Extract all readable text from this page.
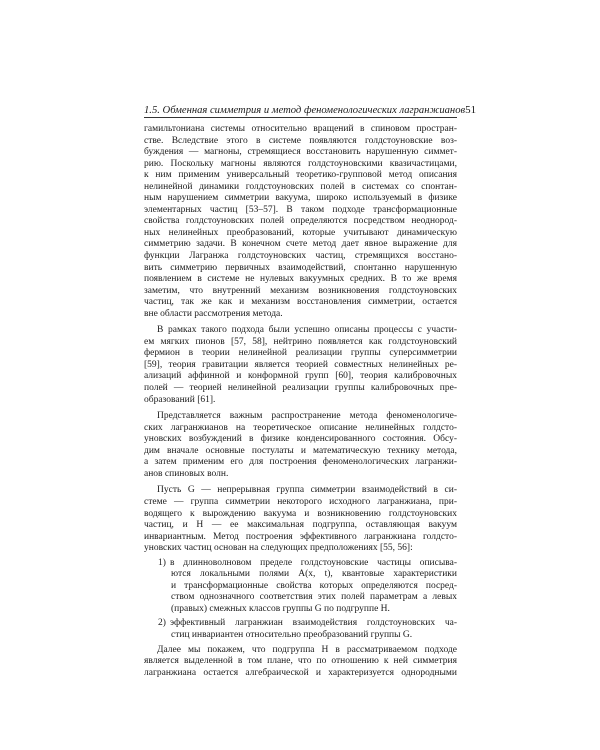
1.5. Обменная симметрия и метод феноменологических лагранжианов 51
гамильтониана системы относительно вращений в спиновом простран-
стве. Вследствие этого в системе появляются голдстоуновские воз-
буждения — магноны, стремящиеся восстановить нарушенную симмет-
рию. Поскольку магноны являются голдстоуновскими квазичастицами,
к ним применим универсальный теоретико-групповой метод описания
нелинейной динамики голдстоуновских полей в системах со спонтан-
ным нарушением симметрии вакуума, широко используемый в физике
элементарных частиц [53–57]. В таком подходе трансформационные
свойства голдстоуновских полей определяются посредством неоднород-
ных нелинейных преобразований, которые учитывают динамическую
симметрию задачи. В конечном счете метод дает явное выражение для
функции Лагранжа голдстоуновских частиц, стремящихся восстано-
вить симметрию первичных взаимодействий, спонтанно нарушенную
появлением в системе не нулевых вакуумных средних. В то же время
заметим, что внутренний механизм возникновения голдстоуновских
частиц, так же как и механизм восстановления симметрии, остается
вне области рассмотрения метода.
В рамках такого подхода были успешно описаны процессы с участи-
ем мягких пионов [57, 58], нейтрино появляется как голдстоуновский
фермион в теории нелинейной реализации группы суперсимметрии
[59], теория гравитации является теорией совместных нелинейных ре-
ализаций аффинной и конформной групп [60], теория калибровочных
полей — теорией нелинейной реализации группы калибровочных пре-
образований [61].
Представляется важным распространение метода феноменологиче-
ских лагранжианов на теоретическое описание нелинейных голдсто-
уновских возбуждений в физике конденсированного состояния. Обсу-
дим вначале основные постулаты и математическую технику метода,
а затем применим его для построения феноменологических лагранжи-
анов спиновых волн.
Пусть G — непрерывная группа симметрии взаимодействий в си-
стеме — группа симметрии некоторого исходного лагранжиана, при-
водящего к вырождению вакуума и возникновению голдстоуновских
частиц, и H — ее максимальная подгруппа, оставляющая вакуум
инвариантным. Метод построения эффективного лагранжиана голдсто-
уновских частиц основан на следующих предположениях [55, 56]:
1) в длинноволновом пределе голдстоуновские частицы описыва-
ются локальными полями A(x, t), квантовые характеристики
и трансформационные свойства которых определяются посред-
ством однозначного соответствия этих полей параметрам a левых
(правых) смежных классов группы G по подгруппе H.
2) эффективный лагранжиан взаимодействия голдстоуновских ча-
стиц инвариантен относительно преобразований группы G.
Далее мы покажем, что подгруппа H в рассматриваемом подходе
является выделенной в том плане, что по отношению к ней симметрия
лагранжиана остается алгебраической и характеризуется однородными
